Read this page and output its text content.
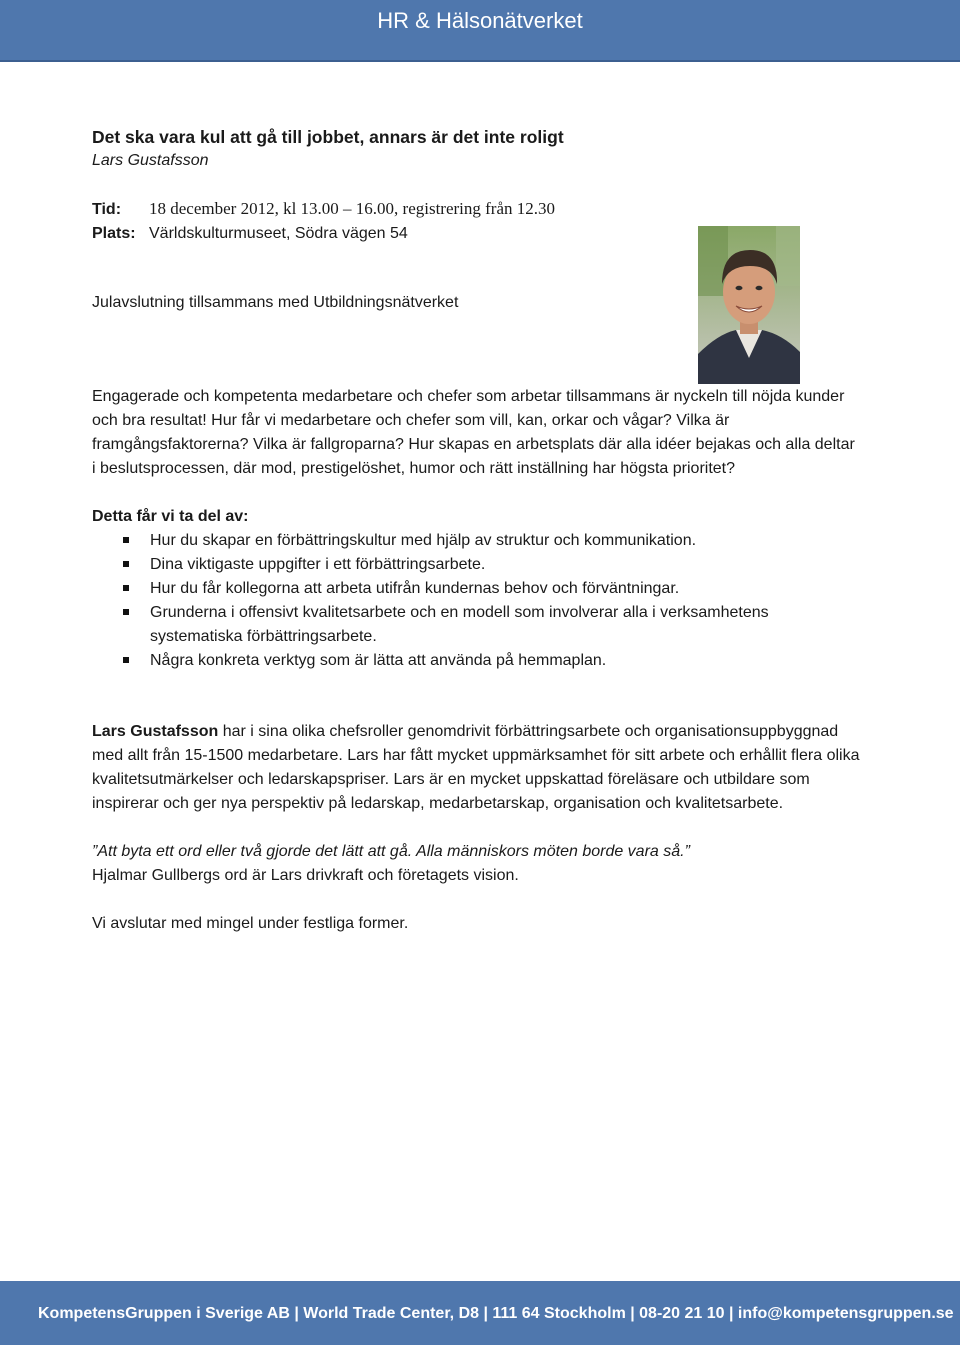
HR & Hälsonätverket
Det ska vara kul att gå till jobbet, annars är det inte roligt
Lars Gustafsson
Tid: 18 december 2012, kl 13.00 – 16.00, registrering från 12.30
Plats: Världskulturmuseet, Södra vägen 54
Julavslutning tillsammans med Utbildningsnätverket

Engagerade och kompetenta medarbetare och chefer som arbetar tillsammans är nyckeln till nöjda kunder och bra resultat! Hur får vi medarbetare och chefer som vill, kan, orkar och vågar? Vilka är framgångsfaktorerna? Vilka är fallgroparna? Hur skapas en arbetsplats där alla idéer bejakas och alla deltar i beslutsprocessen, där mod, prestigelöshet, humor och rätt inställning har högsta prioritet?

Detta får vi ta del av:
Hur du skapar en förbättringskultur med hjälp av struktur och kommunikation.
Dina viktigaste uppgifter i ett förbättringsarbete.
Hur du får kollegorna att arbeta utifrån kundernas behov och förväntningar.
Grunderna i offensivt kvalitetsarbete och en modell som involverar alla i verksamhetens systematiska förbättringsarbete.
Några konkreta verktyg som är lätta att använda på hemmaplan.

Lars Gustafsson har i sina olika chefsroller genomdrivit förbättringsarbete och organisationsuppbyggnad med allt från 15-1500 medarbetare. Lars har fått mycket uppmärksamhet för sitt arbete och erhållit flera olika kvalitetsutmärkelser och ledarskapspriser. Lars är en mycket uppskattad föreläsare och utbildare som inspirerar och ger nya perspektiv på ledarskap, medarbetarskap, organisation och kvalitetsarbete.

”Att byta ett ord eller två gjorde det lätt att gå. Alla människors möten borde vara så.”
Hjalmar Gullbergs ord är Lars drivkraft och företagets vision.
Vi avslutar med mingel under festliga former.
KompetensGruppen i Sverige AB | World Trade Center, D8 | 111 64 Stockholm | 08-20 21 10 | info@kompetensgruppen.se
